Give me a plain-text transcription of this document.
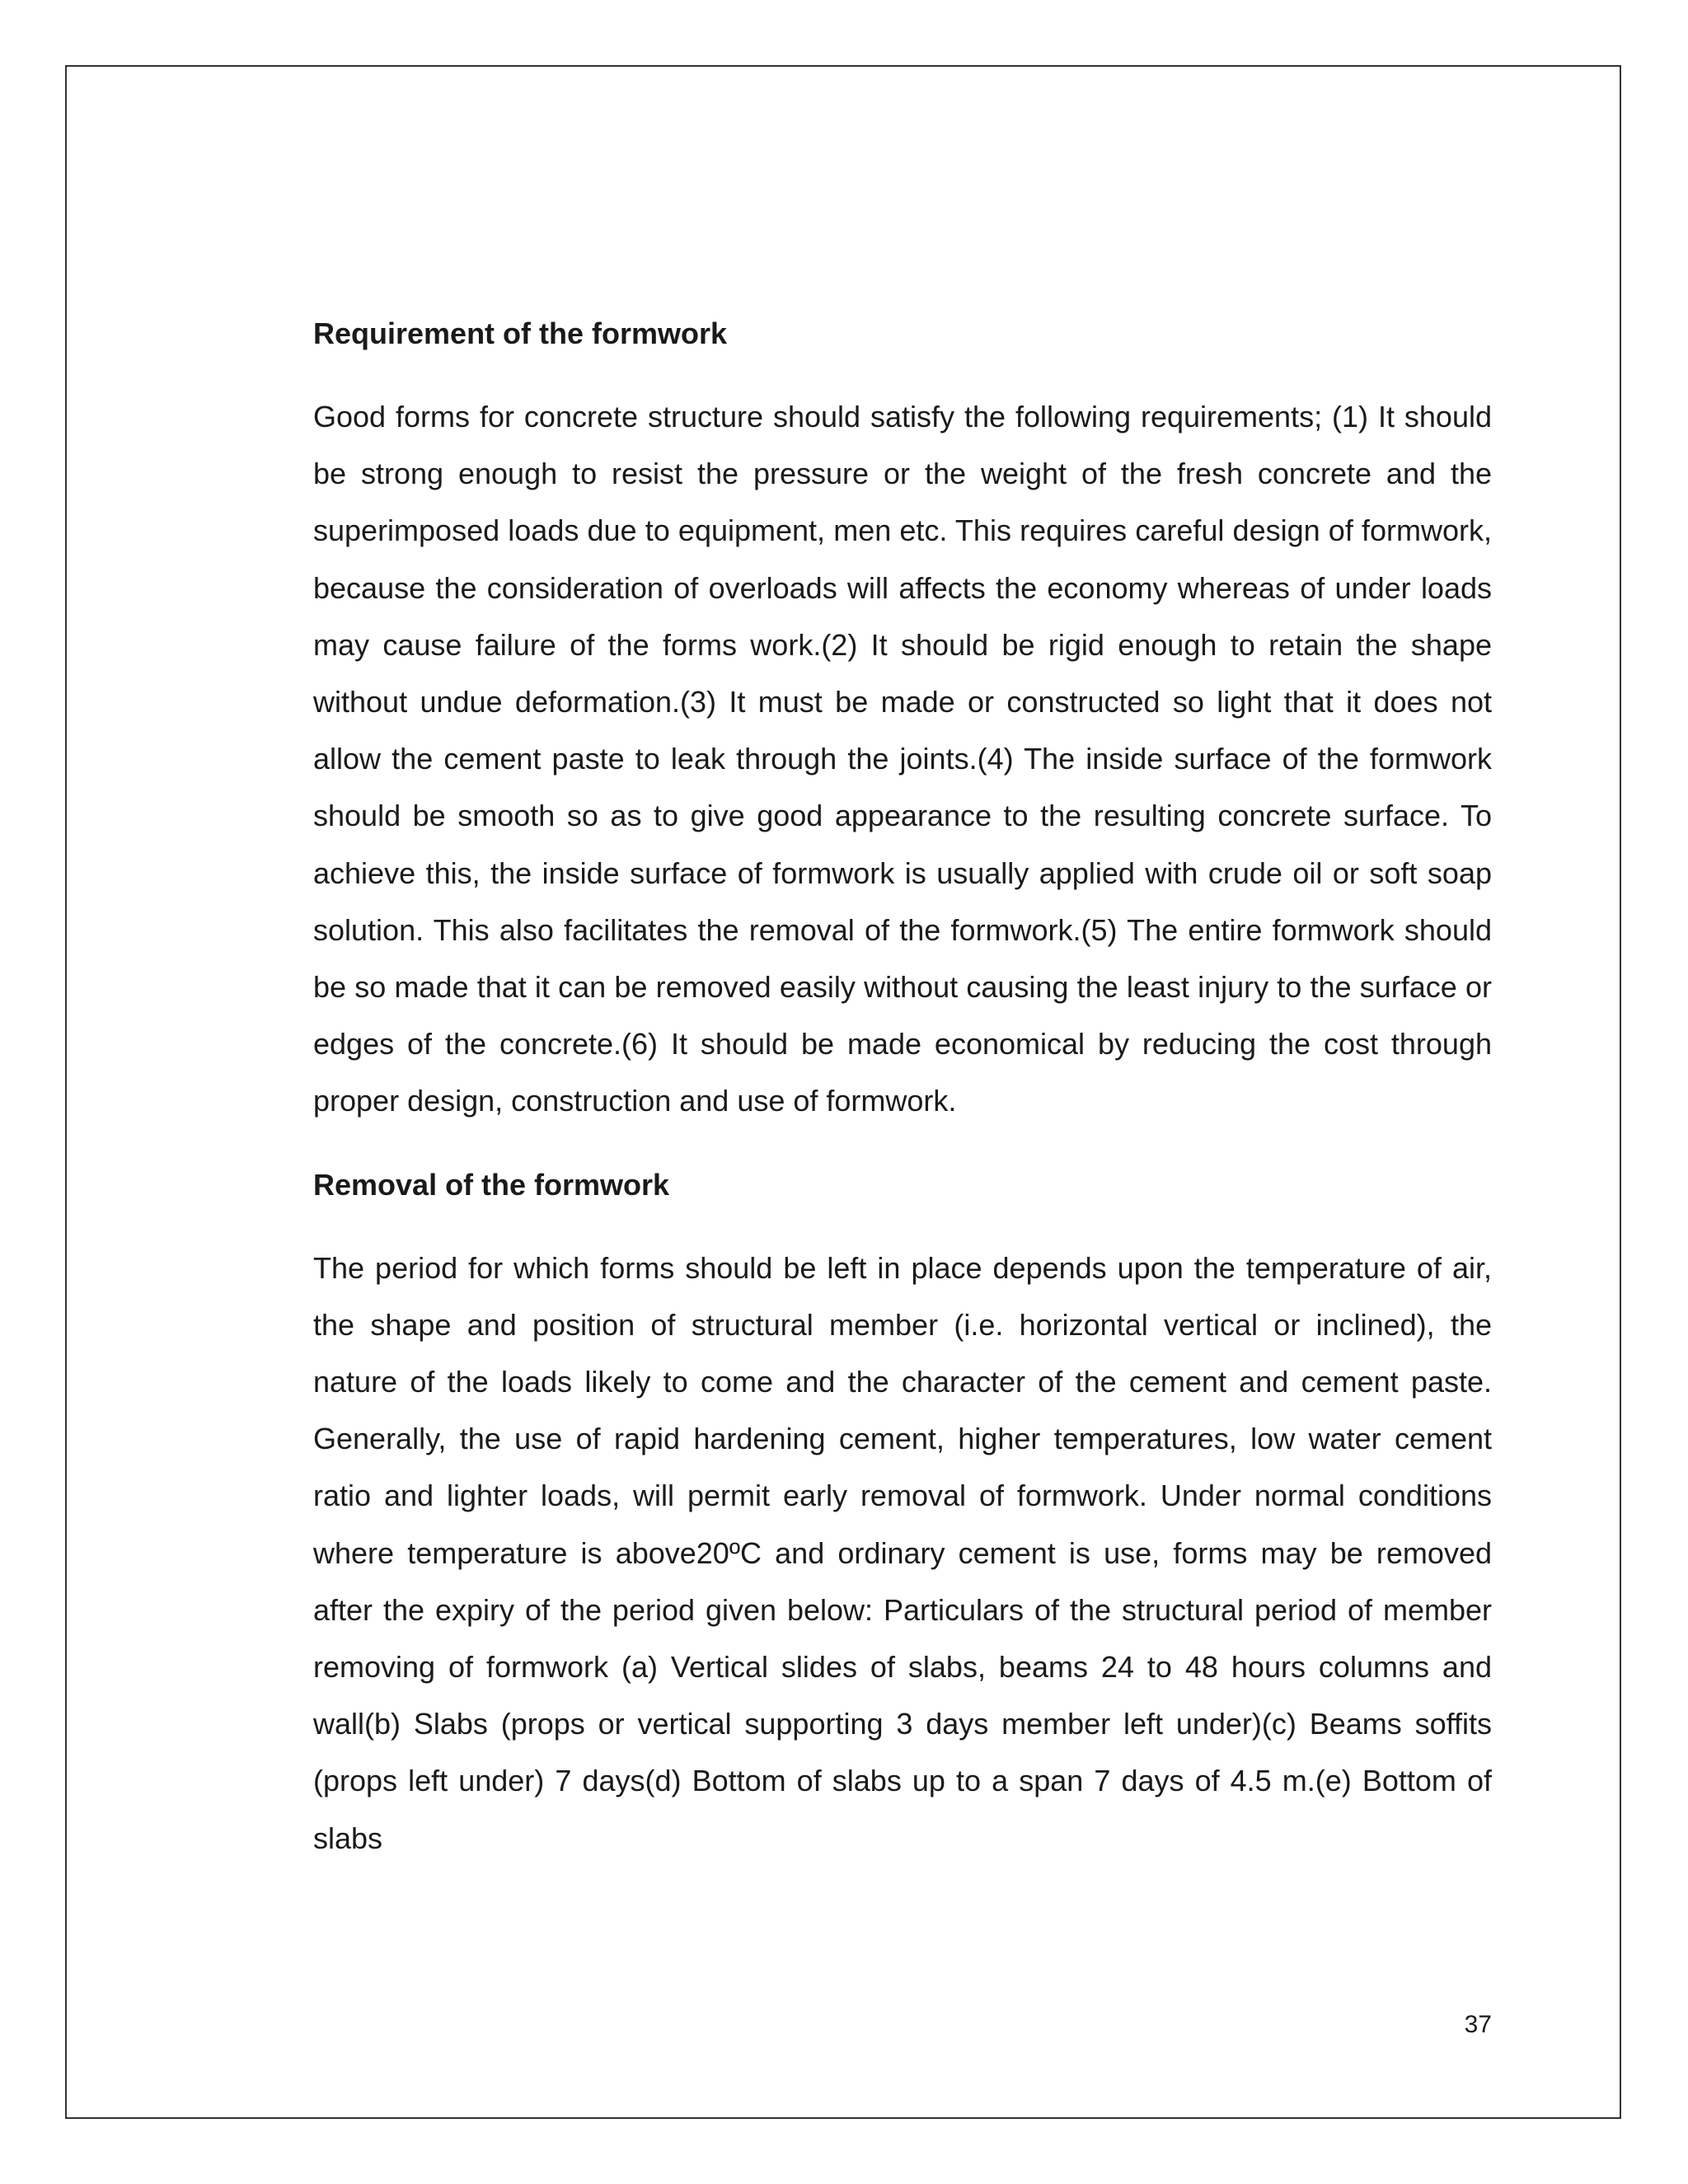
Requirement of the formwork

Good forms for concrete structure should satisfy the following requirements; (1) It should be strong enough to resist the pressure or the weight of the fresh concrete and the superimposed loads due to equipment, men etc. This requires careful design of formwork, because the consideration of overloads will affects the economy whereas of under loads may cause failure of the forms work.(2) It should be rigid enough to retain the shape without undue deformation.(3) It must be made or constructed so light that it does not allow the cement paste to leak through the joints.(4) The inside surface of the formwork should be smooth so as to give good appearance to the resulting concrete surface. To achieve this, the inside surface of formwork is usually applied with crude oil or soft soap solution. This also facilitates the removal of the formwork.(5) The entire formwork should be so made that it can be removed easily without causing the least injury to the surface or edges of the concrete.(6) It should be made economical by reducing the cost through proper design, construction and use of formwork.

Removal of the formwork

The period for which forms should be left in place depends upon the temperature of air, the shape and position of structural member (i.e. horizontal vertical or inclined), the nature of the loads likely to come and the character of the cement and cement paste. Generally, the use of rapid hardening cement, higher temperatures, low water cement ratio and lighter loads, will permit early removal of formwork. Under normal conditions where temperature is above20ºC and ordinary cement is use, forms may be removed after the expiry of the period given below: Particulars of the structural period of member removing of formwork (a) Vertical slides of slabs, beams 24 to 48 hours columns and wall(b) Slabs (props or vertical supporting 3 days member left under)(c) Beams soffits (props left under) 7 days(d) Bottom of slabs up to a span 7 days of 4.5 m.(e) Bottom of slabs

37
